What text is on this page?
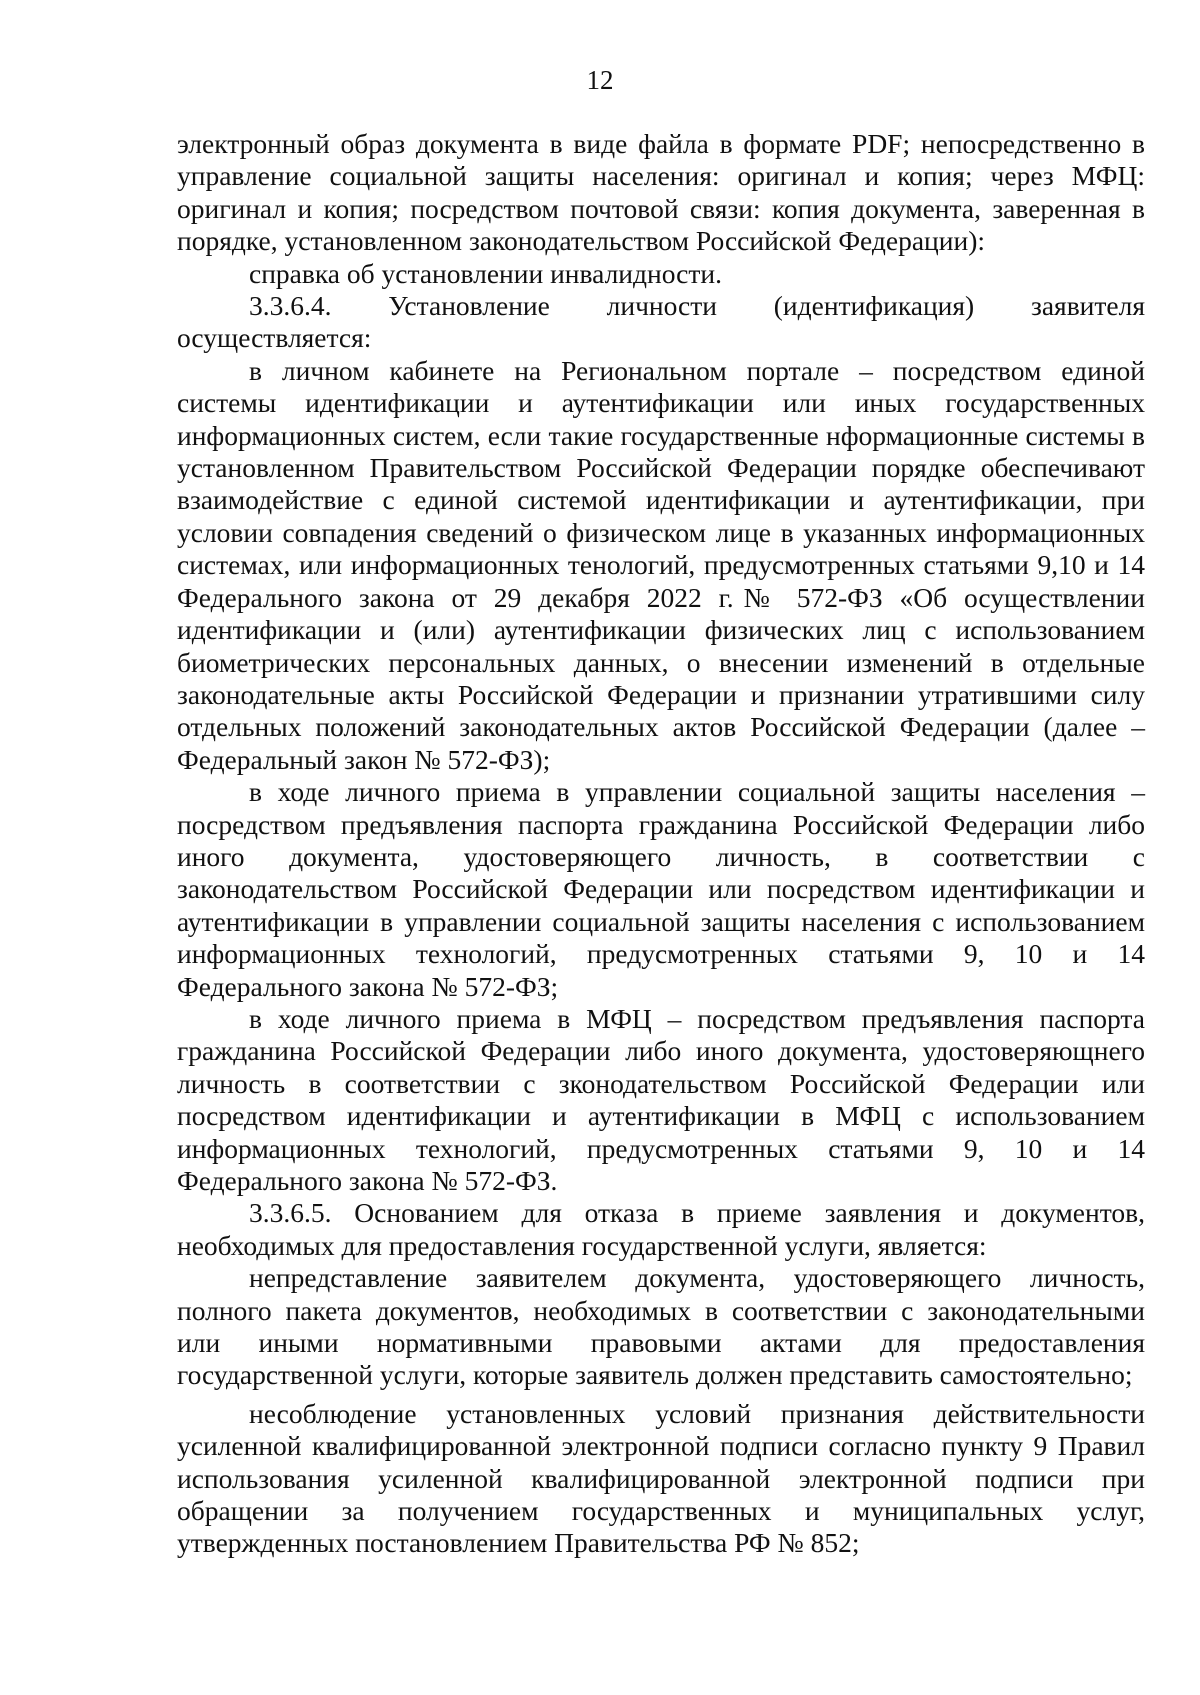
12

электронный образ документа в виде файла в формате PDF; непосредственно в управление социальной защиты населения: оригинал и копия; через МФЦ: оригинал и копия; посредством почтовой связи: копия документа, заверенная в порядке, установленном законодательством Российской Федерации):

справка об установлении инвалидности.

3.3.6.4. Установление личности (идентификация) заявителя осуществляется:

в личном кабинете на Региональном портале – посредством единой системы идентификации и аутентификации или иных государственных информационных систем, если такие государственные нформационные системы в установленном Правительством Российской Федерации порядке обеспечивают взаимодействие с единой системой идентификации и аутентификации, при условии совпадения сведений о физическом лице в указанных информационных системах, или информационных тенологий, предусмотренных статьями 9,10 и 14 Федерального закона от 29 декабря 2022 г.№ 572-ФЗ «Об осуществлении идентификации и (или) аутентификации физических лиц с использованием биометрических персональных данных, о внесении изменений в отдельные законодательные акты Российской Федерации и признании утратившими силу отдельных положений законодательных актов Российской Федерации (далее – Федеральный закон № 572-ФЗ);

в ходе личного приема в управлении социальной защиты населения – посредством предъявления паспорта гражданина Российской Федерации либо иного документа, удостоверяющего личность, в соответствии с законодательством Российской Федерации или посредством идентификации и аутентификации в управлении социальной защиты населения с использованием информационных технологий, предусмотренных статьями 9, 10 и 14 Федерального закона № 572-ФЗ;

в ходе личного приема в МФЦ – посредством предъявления паспорта гражданина Российской Федерации либо иного документа, удостоверяющнего личность в соответствии с зконодательством Российской Федерации или посредством идентификации и аутентификации в МФЦ с использованием информационных технологий, предусмотренных статьями 9, 10 и 14 Федерального закона № 572-ФЗ.

3.3.6.5. Основанием для отказа в приеме заявления и документов, необходимых для предоставления государственной услуги, является:

непредставление заявителем документа, удостоверяющего личность, полного пакета документов, необходимых в соответствии с законодательными или иными нормативными правовыми актами для предоставления государственной услуги, которые заявитель должен представить самостоятельно;

несоблюдение установленных условий признания действительности усиленной квалифицированной электронной подписи согласно пункту 9 Правил использования усиленной квалифицированной электронной подписи при обращении за получением государственных и муниципальных услуг, утвержденных постановлением Правительства РФ № 852;
